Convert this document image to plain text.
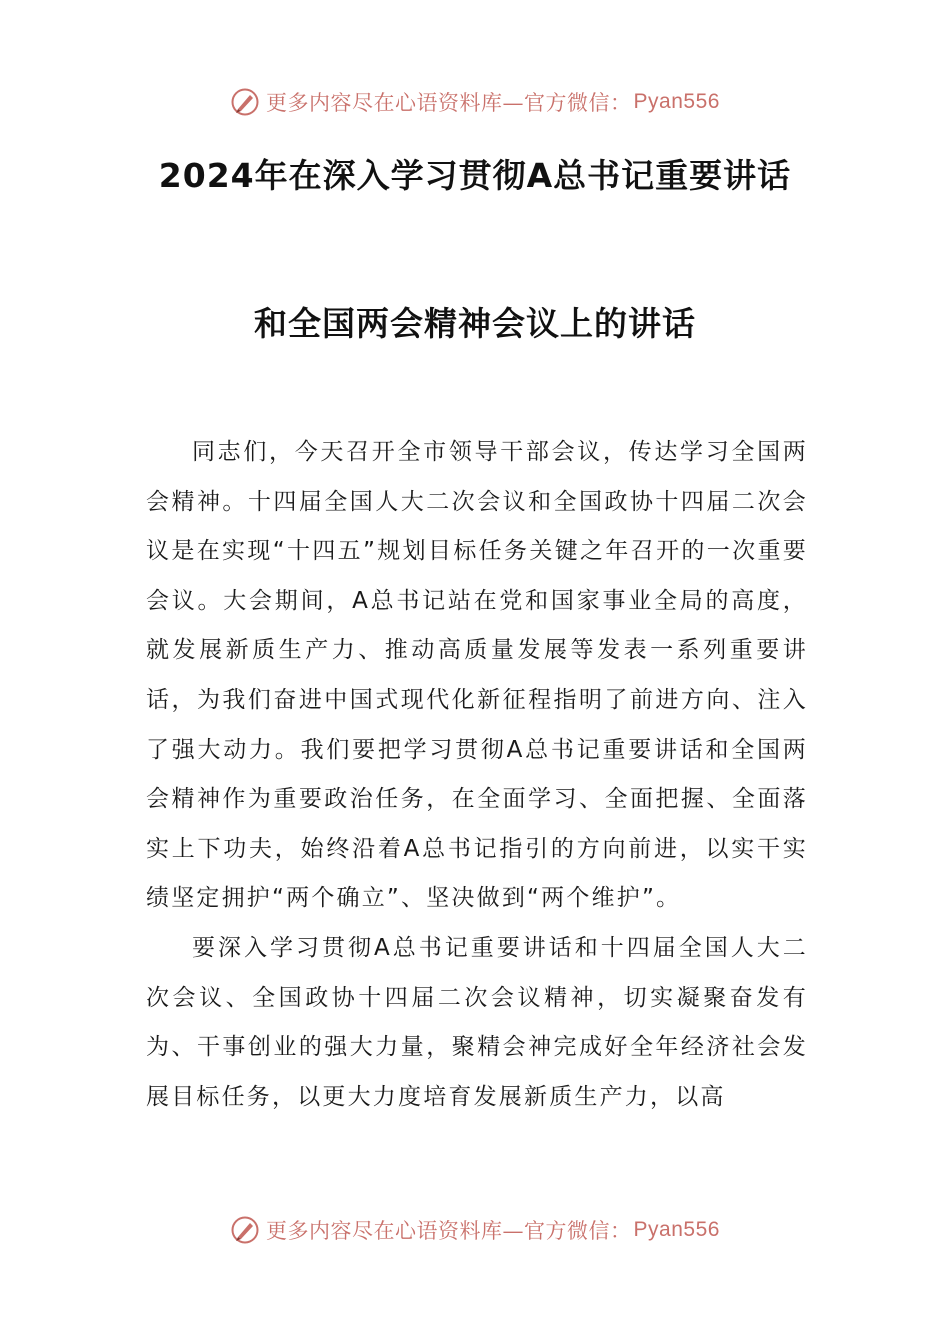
更多内容尽在心语资料库—官方微信： Pyan556
2024年在深入学习贯彻A总书记重要讲话
和全国两会精神会议上的讲话

同志们，今天召开全市领导干部会议，传达学习全国两会精神。十四届全国人大二次会议和全国政协十四届二次会议是在实现“十四五”规划目标任务关键之年召开的一次重要会议。大会期间，A总书记站在党和国家事业全局的高度，就发展新质生产力、推动高质量发展等发表一系列重要讲话，为我们奋进中国式现代化新征程指明了前进方向、注入了强大动力。我们要把学习贯彻A总书记重要讲话和全国两会精神作为重要政治任务，在全面学习、全面把握、全面落实上下功夫，始终沿着A总书记指引的方向前进，以实干实绩坚定拥护“两个确立”、坚决做到“两个维护”。

要深入学习贯彻A总书记重要讲话和十四届全国人大二次会议、全国政协十四届二次会议精神，切实凝聚奋发有为、干事创业的强大力量，聚精会神完成好全年经济社会发展目标任务，以更大力度培育发展新质生产力，以高

更多内容尽在心语资料库—官方微信： Pyan556
